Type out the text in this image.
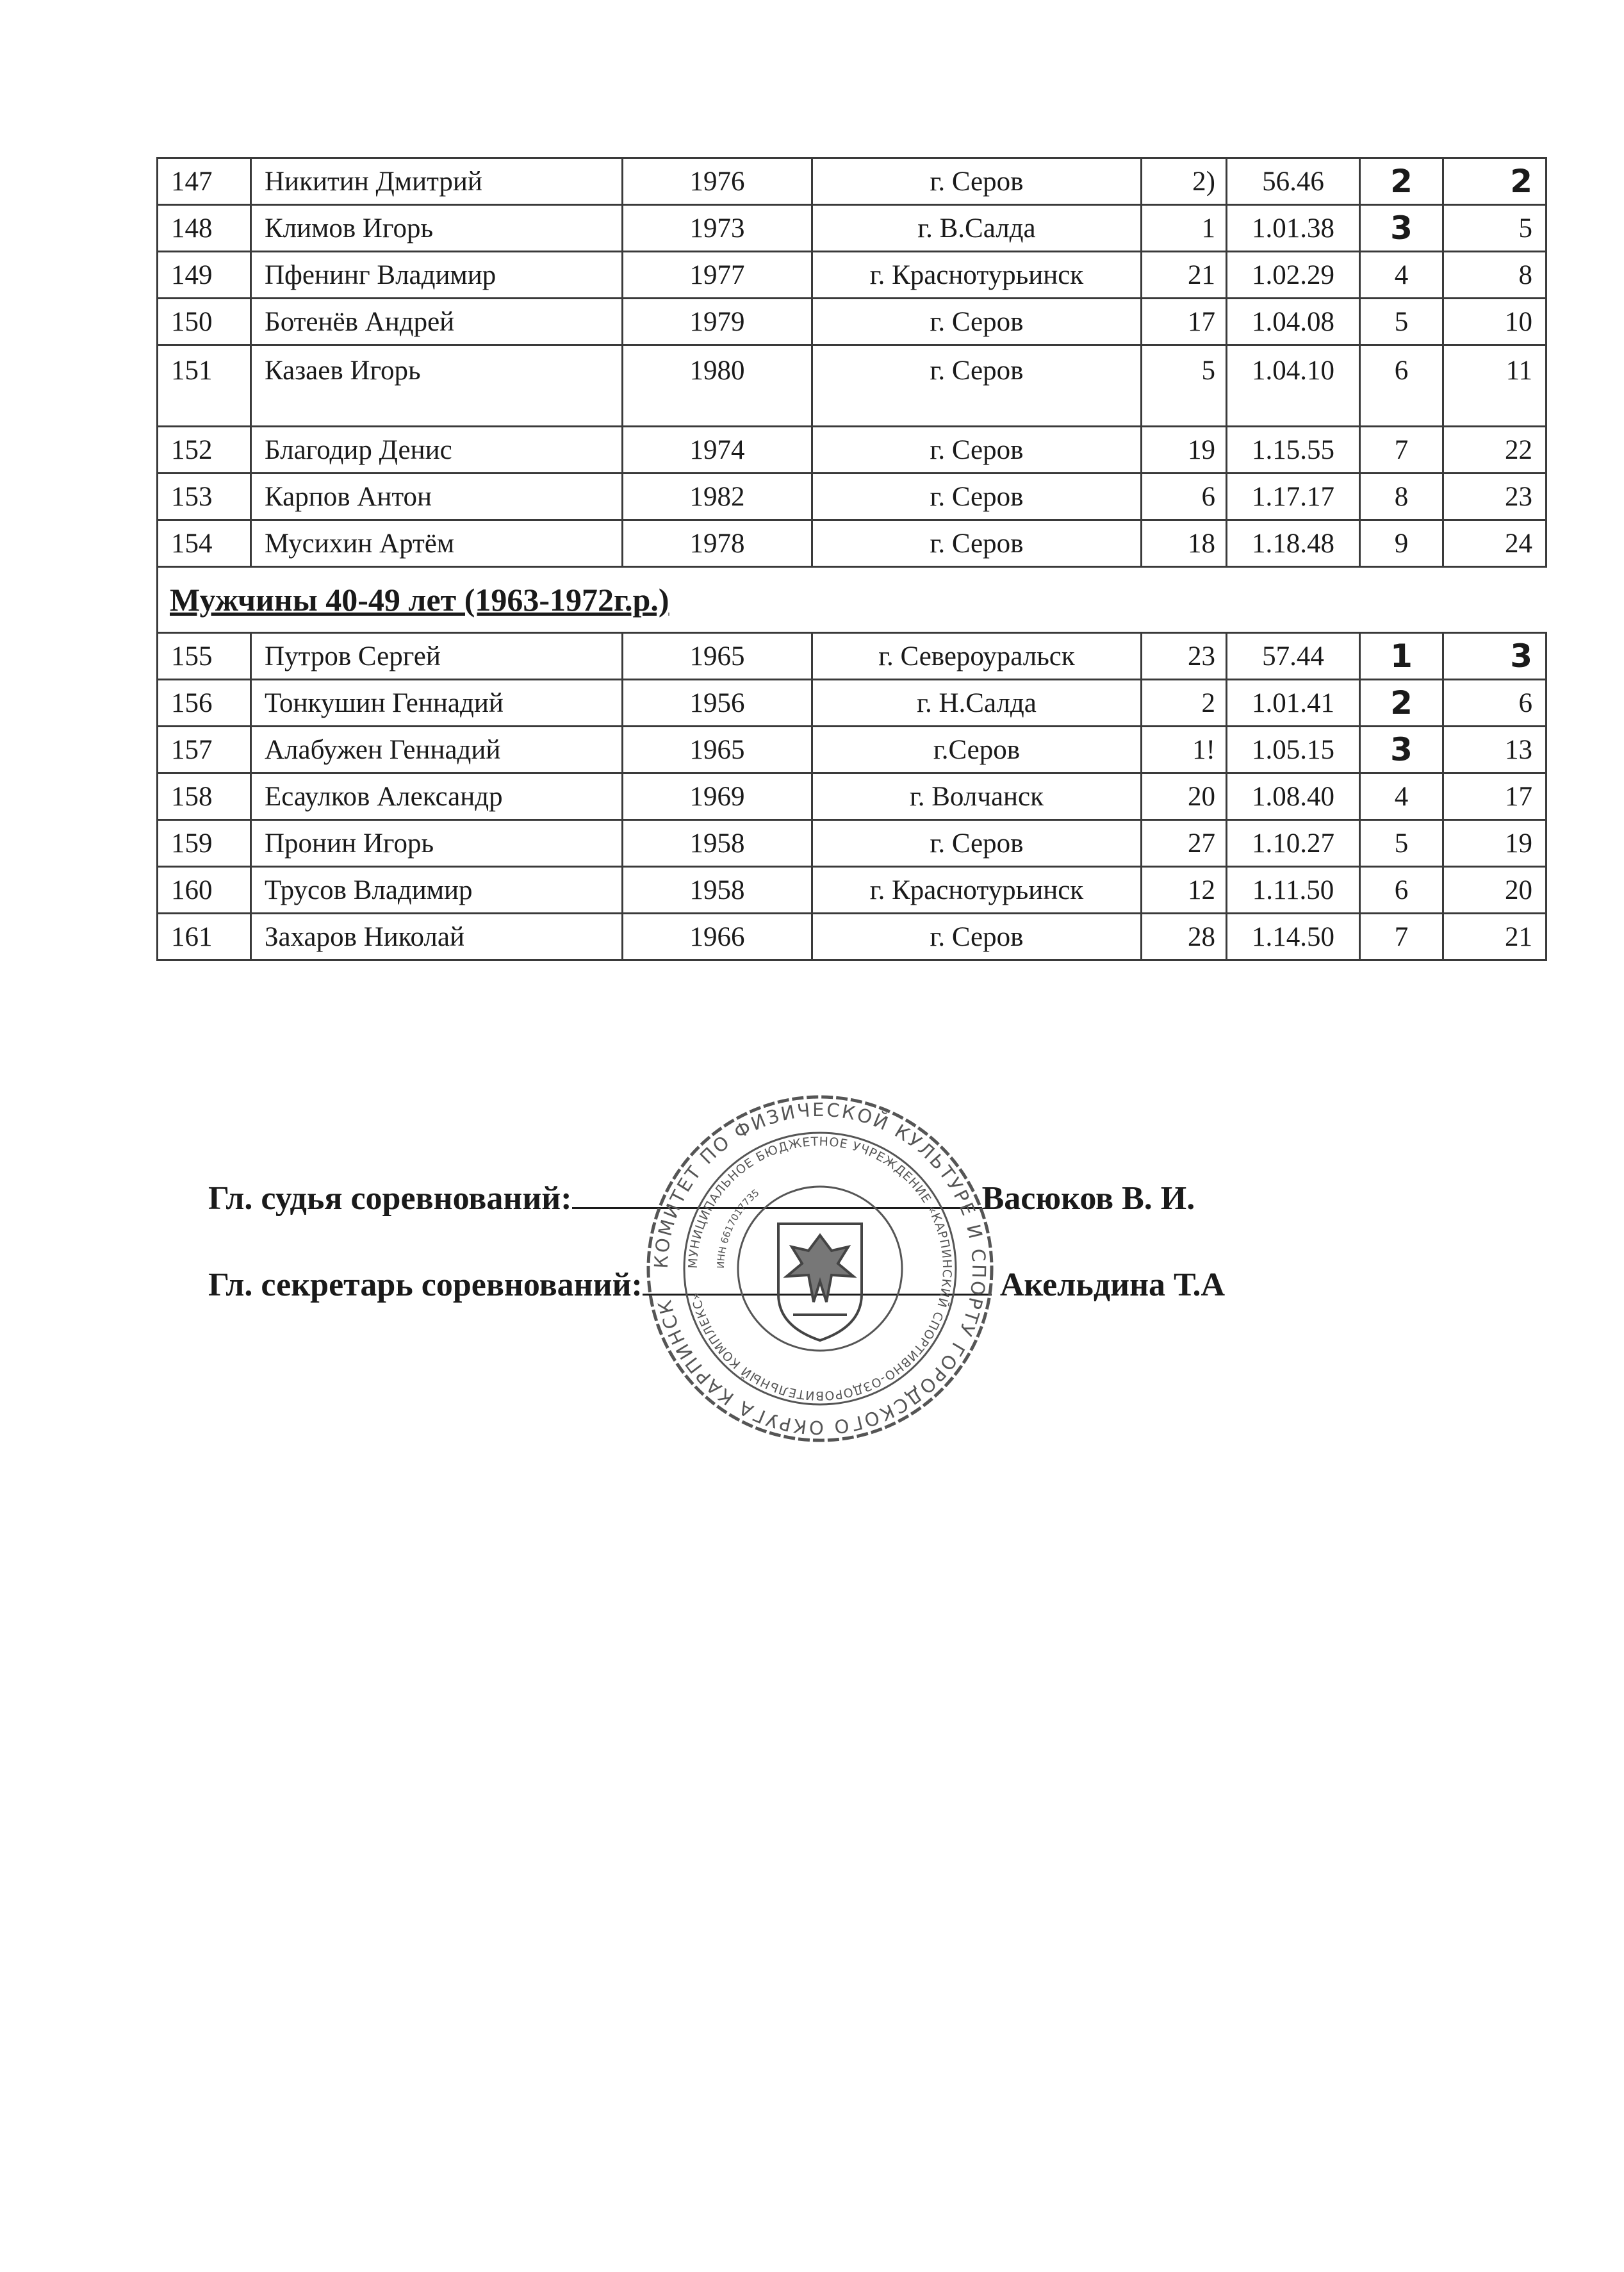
147	Никитин Дмитрий	1976	г. Серов	2)	56.46	2	2
148	Климов Игорь	1973	г. В.Салда	1	1.01.38	3	5
149	Пфенинг Владимир	1977	г. Краснотурьинск	21	1.02.29	4	8
150	Ботенёв Андрей	1979	г. Серов	17	1.04.08	5	10
151	Казаев Игорь	1980	г. Серов	5	1.04.10	6	11
152	Благодир Денис	1974	г. Серов	19	1.15.55	7	22
153	Карпов Антон	1982	г. Серов	6	1.17.17	8	23
154	Мусихин Артём	1978	г. Серов	18	1.18.48	9	24
Мужчины 40-49 лет (1963-1972г.р.)							
155	Путров Сергей	1965	г. Североуральск	23	57.44	1	3
156	Тонкушин Геннадий	1956	г. Н.Салда	2	1.01.41	2	6
157	Алабужен Геннадий	1965	г.Серов	1!	1.05.15	3	13
158	Есаулков Александр	1969	г. Волчанск	20	1.08.40	4	17
159	Пронин Игорь	1958	г. Серов	27	1.10.27	5	19
160	Трусов Владимир	1958	г. Краснотурьинск	12	1.11.50	6	20
161	Захаров Николай	1966	г. Серов	28	1.14.50	7	21
Гл. судья соревнований:	Васюков В. И.
Гл. секретарь соревнований:	Акельдина Т.А
КОМИТЕТ ПО ФИЗИЧЕСКОЙ КУЛЬТУРЕ И СПОРТУ ГОРОДСКОГО ОКРУГА КАРПИНСК
МУНИЦИПАЛЬНОЕ БЮДЖЕТНОЕ УЧРЕЖДЕНИЕ «КАРПИНСКИЙ СПОРТИВНО-ОЗДОРОВИТЕЛЬНЫЙ КОМПЛЕКС»
ИНН 6617017735
